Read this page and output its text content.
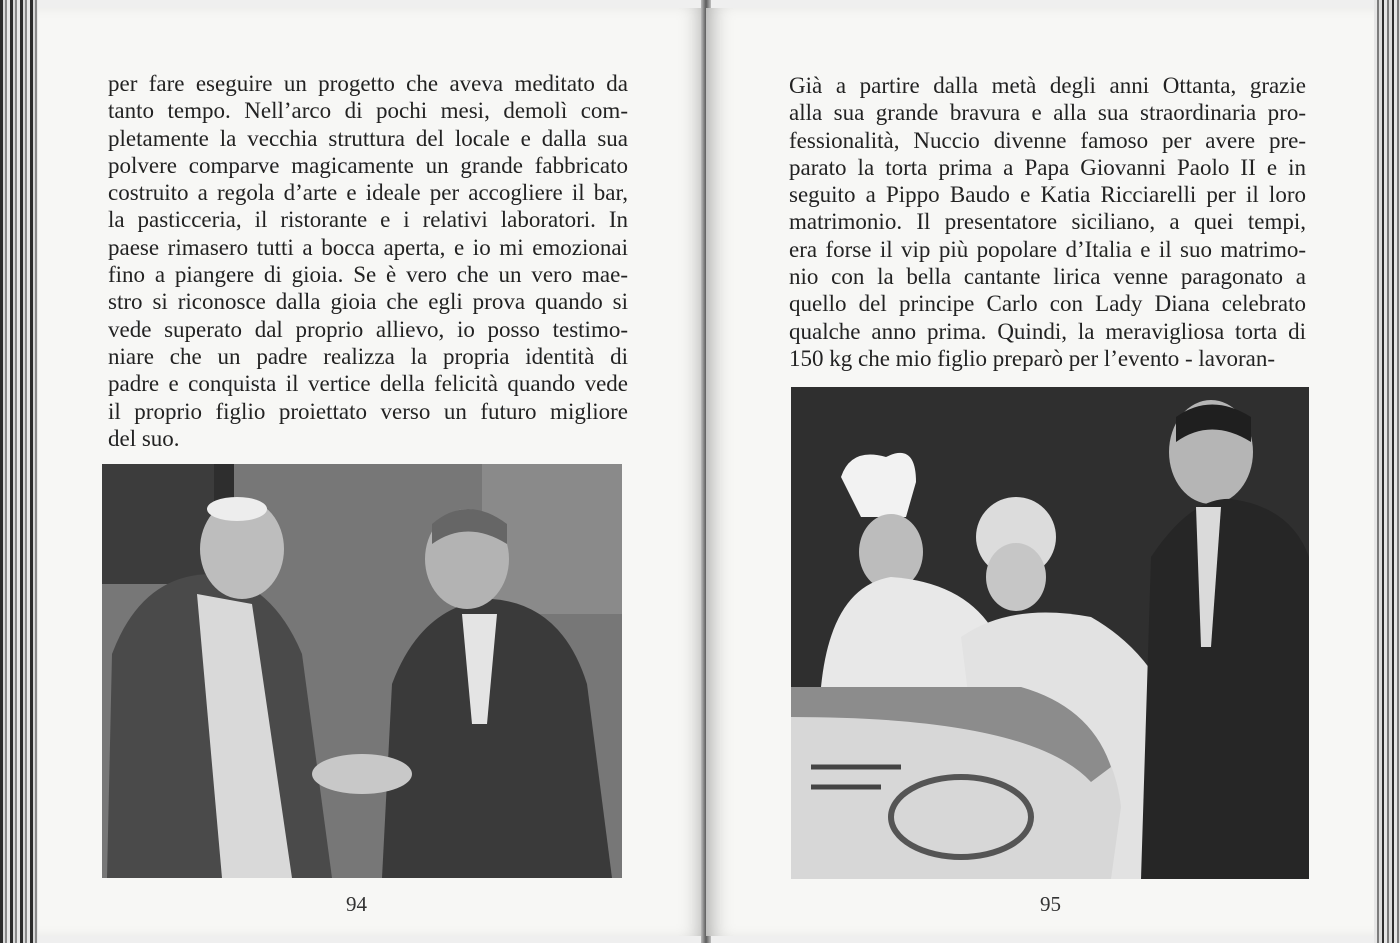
per fare eseguire un progetto che aveva meditato da
tanto tempo. Nell’arco di pochi mesi, demolì com-
pletamente la vecchia struttura del locale e dalla sua
polvere comparve magicamente un grande fabbricato
costruito a regola d’arte e ideale per accogliere il bar,
la pasticceria, il ristorante e i relativi laboratori. In
paese rimasero tutti a bocca aperta, e io mi emozionai
fino a piangere di gioia. Se è vero che un vero mae-
stro si riconosce dalla gioia che egli prova quando si
vede superato dal proprio allievo, io posso testimo-
niare che un padre realizza la propria identità di
padre e conquista il vertice della felicità quando vede
il proprio figlio proiettato verso un futuro migliore
del suo.

94

Già a partire dalla metà degli anni Ottanta, grazie
alla sua grande bravura e alla sua straordinaria pro-
fessionalità, Nuccio divenne famoso per avere pre-
parato la torta prima a Papa Giovanni Paolo II e in
seguito a Pippo Baudo e Katia Ricciarelli per il loro
matrimonio. Il presentatore siciliano, a quei tempi,
era forse il vip più popolare d’Italia e il suo matrimo-
nio con la bella cantante lirica venne paragonato a
quello del principe Carlo con Lady Diana celebrato
qualche anno prima. Quindi, la meravigliosa torta di
150 kg che mio figlio preparò per l’evento - lavoran-

95
